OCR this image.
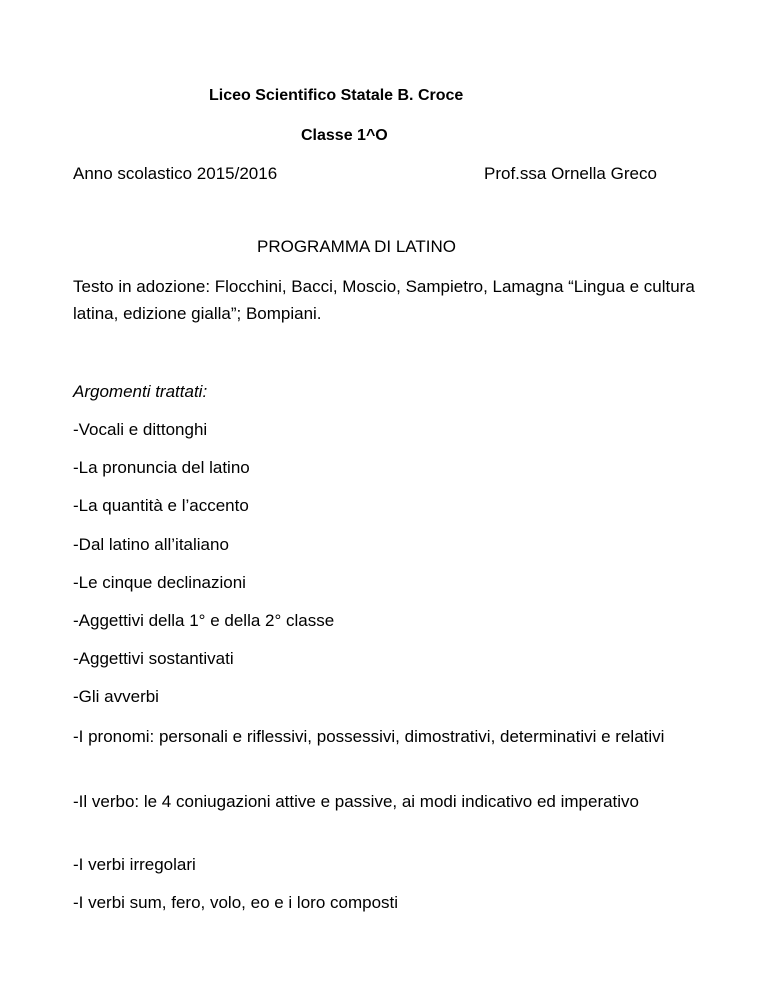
Liceo Scientifico Statale B. Croce
Classe 1^O
Anno scolastico 2015/2016	Prof.ssa Ornella Greco
PROGRAMMA DI LATINO
Testo in adozione: Flocchini, Bacci, Moscio, Sampietro, Lamagna “Lingua e cultura latina, edizione gialla”; Bompiani.
Argomenti trattati:
-Vocali e dittonghi
-La pronuncia del latino
-La quantità e l’accento
-Dal latino all’italiano
-Le cinque declinazioni
-Aggettivi della 1° e della 2° classe
-Aggettivi sostantivati
-Gli avverbi
-I pronomi: personali e riflessivi, possessivi, dimostrativi, determinativi e relativi
-Il verbo: le 4 coniugazioni attive e passive, ai modi indicativo ed imperativo
-I verbi irregolari
-I verbi sum, fero, volo, eo e i loro composti
